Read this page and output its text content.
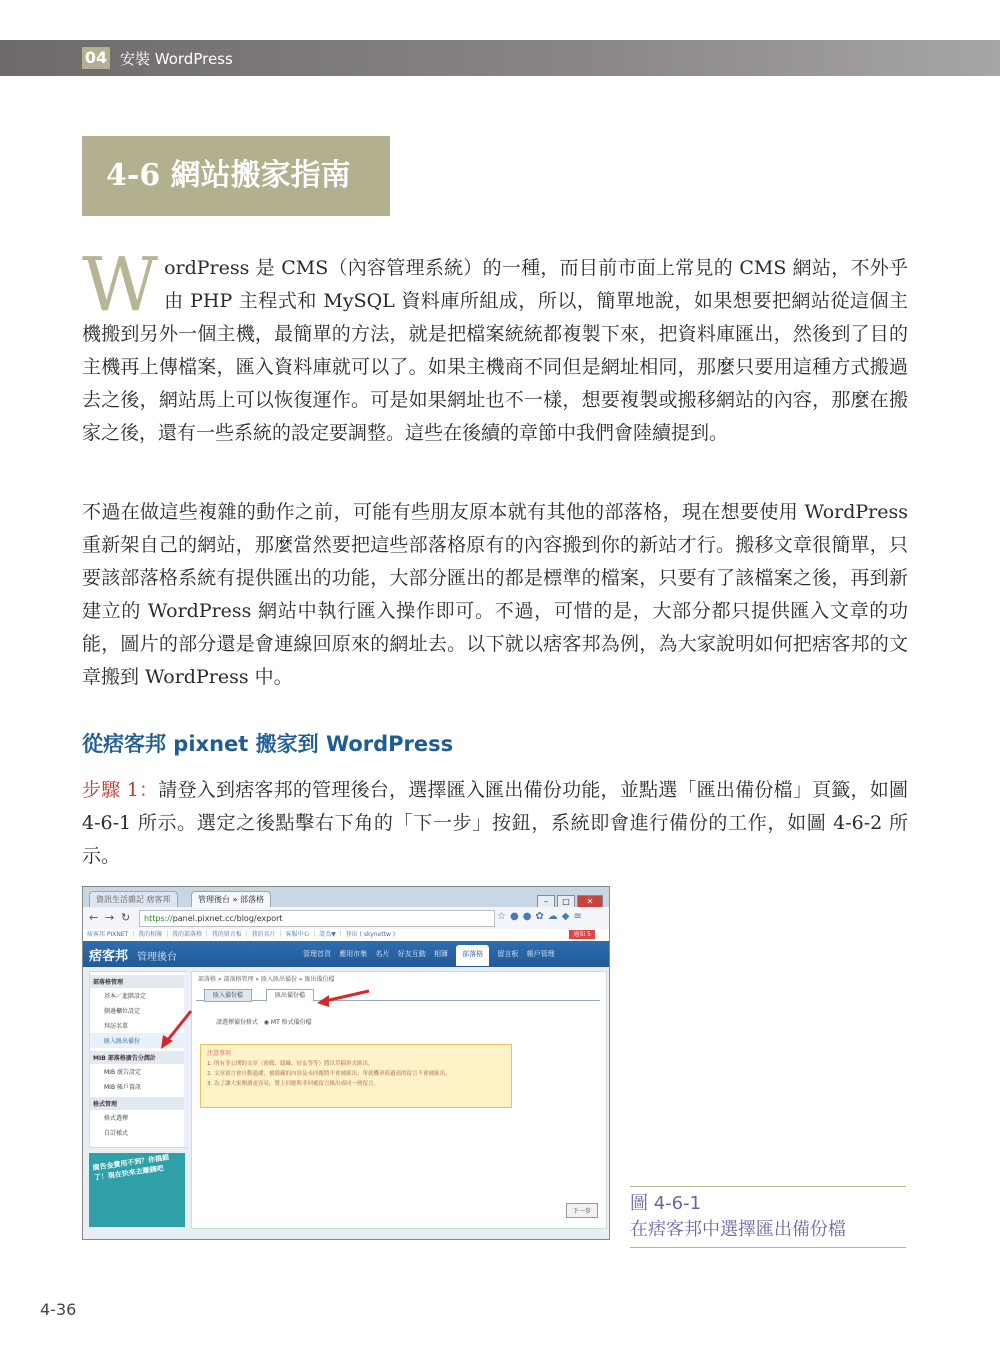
04 安裝 WordPress
4-6 網站搬家指南

WordPress 是 CMS（內容管理系統）的一種，而目前市面上常見的 CMS 網站，不外乎由 PHP 主程式和 MySQL 資料庫所組成，所以，簡單地說，如果想要把網站從這個主機搬到另外一個主機，最簡單的方法，就是把檔案統統都複製下來，把資料庫匯出，然後到了目的主機再上傳檔案，匯入資料庫就可以了。如果主機商不同但是網址相同，那麼只要用這種方式搬過去之後，網站馬上可以恢復運作。可是如果網址也不一樣，想要複製或搬移網站的內容，那麼在搬家之後，還有一些系統的設定要調整。這些在後續的章節中我們會陸續提到。

不過在做這些複雜的動作之前，可能有些朋友原本就有其他的部落格，現在想要使用 WordPress 重新架自己的網站，那麼當然要把這些部落格原有的內容搬到你的新站才行。搬移文章很簡單，只要該部落格系統有提供匯出的功能，大部分匯出的都是標準的檔案，只要有了該檔案之後，再到新建立的 WordPress 網站中執行匯入操作即可。不過，可惜的是，大部分都只提供匯入文章的功能，圖片的部分還是會連線回原來的網址去。以下就以痞客邦為例，為大家說明如何把痞客邦的文章搬到 WordPress 中。

從痞客邦 pixnet 搬家到 WordPress

步驟 1：請登入到痞客邦的管理後台，選擇匯入匯出備份功能，並點選「匯出備份檔」頁籤，如圖 4-6-1 所示。選定之後點擊右下角的「下一步」按鈕，系統即會進行備份的工作，如圖 4-6-2 所示。

資訊生活雜記 痞客邦	管理後台 » 部落格	– □ ✕
← → ↻	https://panel.pixnet.cc/blog/export	☆●●✿☁◆≡
痞客邦 PIXNET ｜ 我的相簿 ｜ 我的部落格 ｜ 我的留言板 ｜ 我的名片 ｜ 客服中心 ｜ 設為▼ ｜ 登出 ( skynettw )	通知 5
痞客邦 管理後台	管理首頁 應用市集 名片 好友互動 相簿 部落格 留言板 帳戶管理
部落格管理
基本／進階設定
側邊欄位設定
拜訪名單
匯入匯出備份
MIB 部落格廣告分潤計
MIB 廣告設定
MIB 帳戶資訊
格式管理
格式選擇
自訂樣式
廣告金費用不到？你搞錯了！現在快來去賺錢吧
部落格 » 部落格管理 » 匯入匯出備份 » 匯出備份檔
匯入備份檔	匯出備份檔
請選擇備份格式 ◉ MT 格式備份檔
注意事項
1. 所有非公開的文章（密碼、隱藏、好友等等）將以草稿形式匯出。
2. 文章留言會自動過濾，被隱藏的內容及未回覆將不會被匯出；單就機率值過高的留言不會被匯出。
3. 為了讓大家閱讀更容易，將主回應與非回覆留言匯出成同一層留言。
下一步	圖 4-6-1
在痞客邦中選擇匯出備份檔
4-36
